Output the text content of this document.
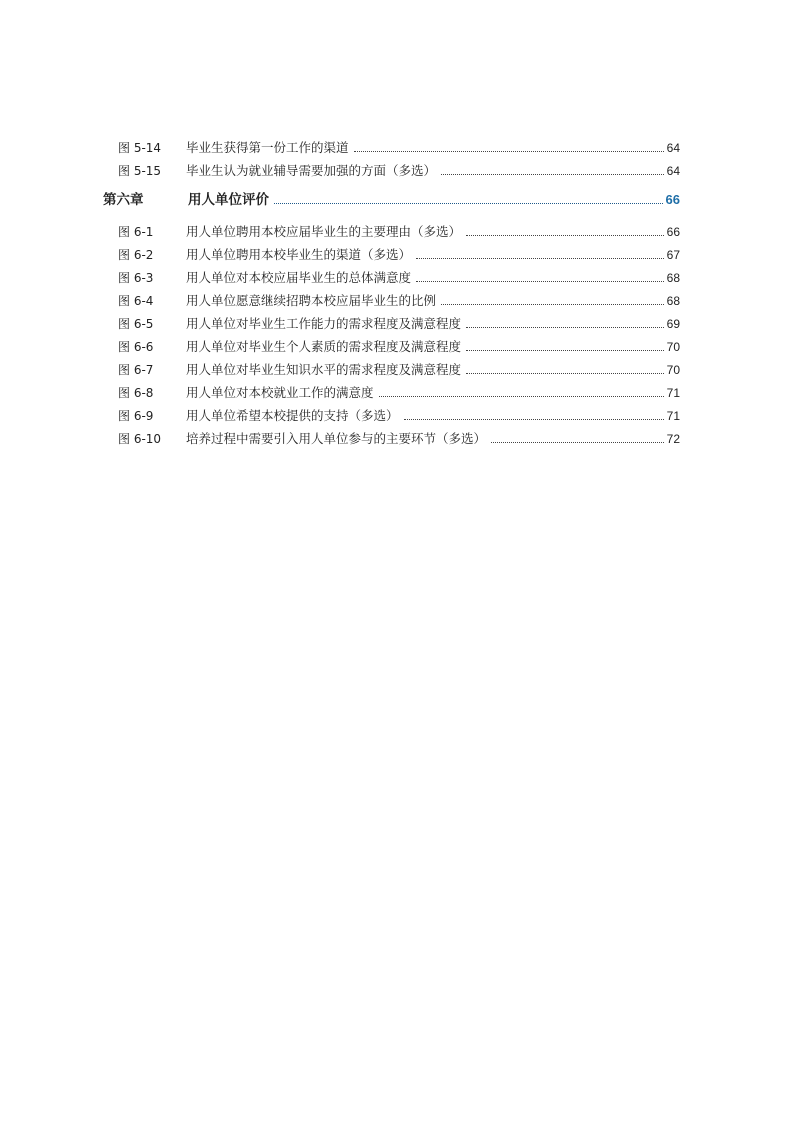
图 5-14	毕业生获得第一份工作的渠道	64
图 5-15	毕业生认为就业辅导需要加强的方面（多选）	64
第六章	用人单位评价	66
图 6-1	用人单位聘用本校应届毕业生的主要理由（多选）	66
图 6-2	用人单位聘用本校毕业生的渠道（多选）	67
图 6-3	用人单位对本校应届毕业生的总体满意度	68
图 6-4	用人单位愿意继续招聘本校应届毕业生的比例	68
图 6-5	用人单位对毕业生工作能力的需求程度及满意程度	69
图 6-6	用人单位对毕业生个人素质的需求程度及满意程度	70
图 6-7	用人单位对毕业生知识水平的需求程度及满意程度	70
图 6-8	用人单位对本校就业工作的满意度	71
图 6-9	用人单位希望本校提供的支持（多选）	71
图 6-10	培养过程中需要引入用人单位参与的主要环节（多选）	72
